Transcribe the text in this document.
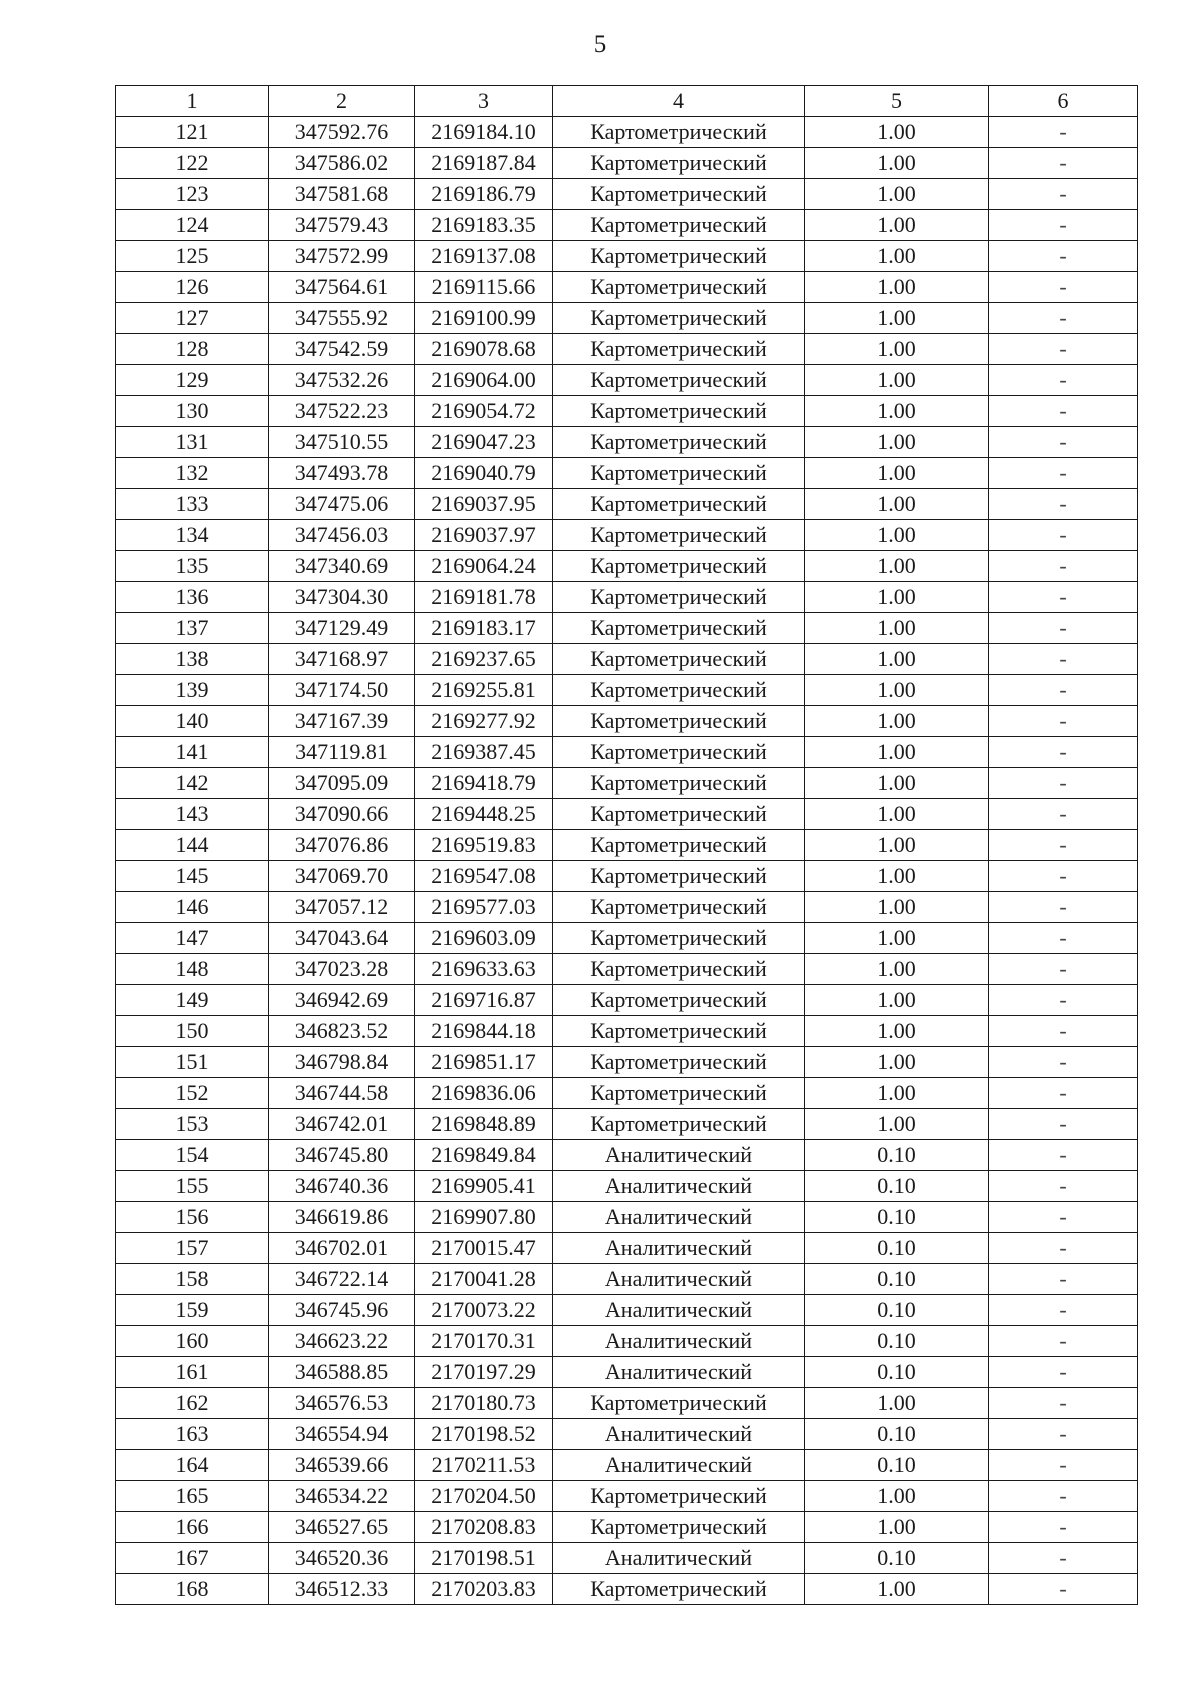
5
1	2	3	4	5	6
121	347592.76	2169184.10	Картометрический	1.00	-
122	347586.02	2169187.84	Картометрический	1.00	-
123	347581.68	2169186.79	Картометрический	1.00	-
124	347579.43	2169183.35	Картометрический	1.00	-
125	347572.99	2169137.08	Картометрический	1.00	-
126	347564.61	2169115.66	Картометрический	1.00	-
127	347555.92	2169100.99	Картометрический	1.00	-
128	347542.59	2169078.68	Картометрический	1.00	-
129	347532.26	2169064.00	Картометрический	1.00	-
130	347522.23	2169054.72	Картометрический	1.00	-
131	347510.55	2169047.23	Картометрический	1.00	-
132	347493.78	2169040.79	Картометрический	1.00	-
133	347475.06	2169037.95	Картометрический	1.00	-
134	347456.03	2169037.97	Картометрический	1.00	-
135	347340.69	2169064.24	Картометрический	1.00	-
136	347304.30	2169181.78	Картометрический	1.00	-
137	347129.49	2169183.17	Картометрический	1.00	-
138	347168.97	2169237.65	Картометрический	1.00	-
139	347174.50	2169255.81	Картометрический	1.00	-
140	347167.39	2169277.92	Картометрический	1.00	-
141	347119.81	2169387.45	Картометрический	1.00	-
142	347095.09	2169418.79	Картометрический	1.00	-
143	347090.66	2169448.25	Картометрический	1.00	-
144	347076.86	2169519.83	Картометрический	1.00	-
145	347069.70	2169547.08	Картометрический	1.00	-
146	347057.12	2169577.03	Картометрический	1.00	-
147	347043.64	2169603.09	Картометрический	1.00	-
148	347023.28	2169633.63	Картометрический	1.00	-
149	346942.69	2169716.87	Картометрический	1.00	-
150	346823.52	2169844.18	Картометрический	1.00	-
151	346798.84	2169851.17	Картометрический	1.00	-
152	346744.58	2169836.06	Картометрический	1.00	-
153	346742.01	2169848.89	Картометрический	1.00	-
154	346745.80	2169849.84	Аналитический	0.10	-
155	346740.36	2169905.41	Аналитический	0.10	-
156	346619.86	2169907.80	Аналитический	0.10	-
157	346702.01	2170015.47	Аналитический	0.10	-
158	346722.14	2170041.28	Аналитический	0.10	-
159	346745.96	2170073.22	Аналитический	0.10	-
160	346623.22	2170170.31	Аналитический	0.10	-
161	346588.85	2170197.29	Аналитический	0.10	-
162	346576.53	2170180.73	Картометрический	1.00	-
163	346554.94	2170198.52	Аналитический	0.10	-
164	346539.66	2170211.53	Аналитический	0.10	-
165	346534.22	2170204.50	Картометрический	1.00	-
166	346527.65	2170208.83	Картометрический	1.00	-
167	346520.36	2170198.51	Аналитический	0.10	-
168	346512.33	2170203.83	Картометрический	1.00	-
